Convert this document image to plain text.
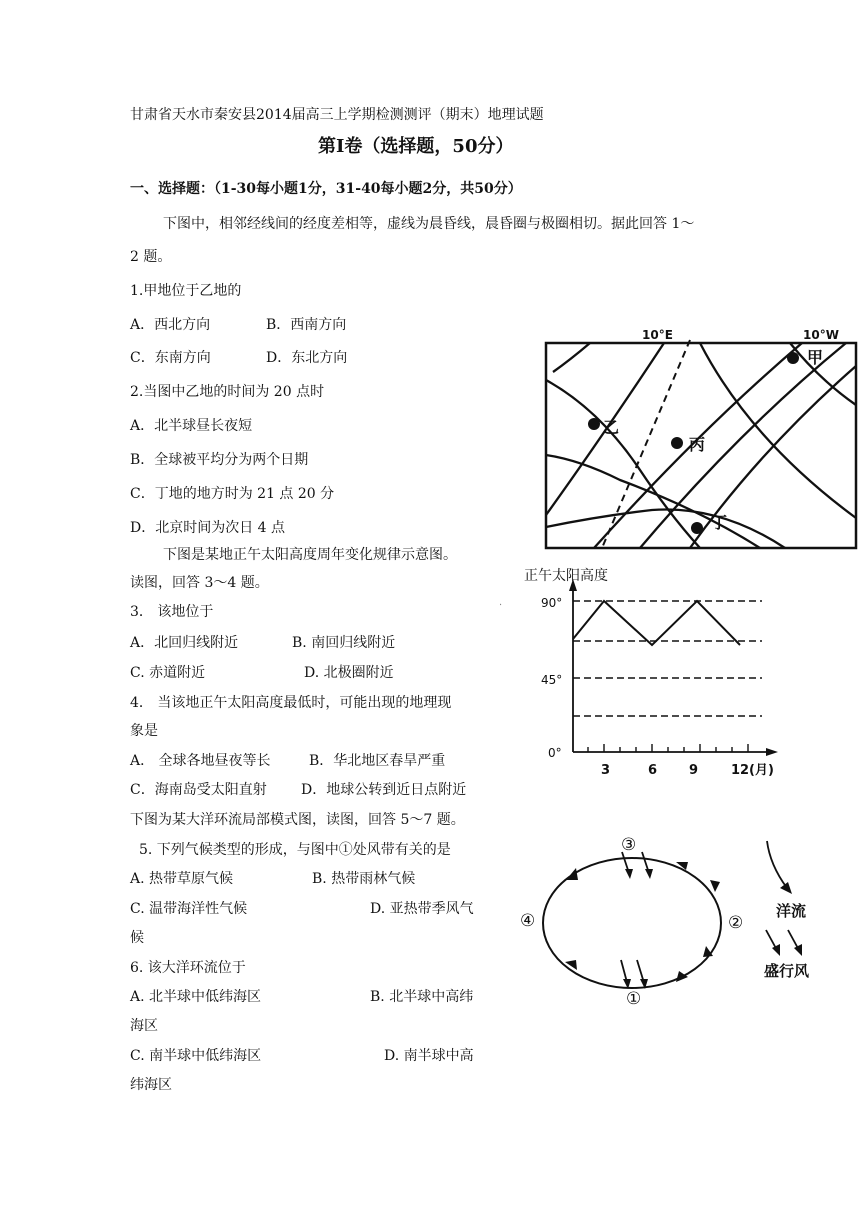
甘肃省天水市秦安县2014届高三上学期检测测评（期末）地理试题
第Ⅰ卷（选择题，50分）
一、选择题：（1-30每小题1分，31-40每小题2分，共50分）
下图中，相邻经线间的经度差相等，虚线为晨昏线，晨昏圈与极圈相切。据此回答 1～
2 题。
1.甲地位于乙地的
A．西北方向	B．西南方向
C．东南方向	D．东北方向
2.当图中乙地的时间为 20 点时
A．北半球昼长夜短
B．全球被平均分为两个日期
C．丁地的地方时为 21 点 20 分
D．北京时间为次日 4 点
下图是某地正午太阳高度周年变化规律示意图。
读图，回答 3～4 题。
3． 该地位于
A．北回归线附近	B. 南回归线附近
C. 赤道附近	D. 北极圈附近
4． 当该地正午太阳高度最低时，可能出现的地理现
象是
A． 全球各地昼夜等长	B．华北地区春旱严重
C．海南岛受太阳直射 D．地球公转到近日点附近
下图为某大洋环流局部模式图，读图，回答 5～7 题。
5. 下列气候类型的形成，与图中①处风带有关的是
A. 热带草原气候	B. 热带雨林气候
C. 温带海洋性气候	D. 亚热带季风气
候
6. 该大洋环流位于
A. 北半球中低纬海区	B. 北半球中高纬
海区
C. 南半球中低纬海区	D. 南半球中高
纬海区
10°E	10°W
甲
乙
丙
丁
正午太阳高度
90°
45°
0°
3	6 9	12 (月)
③
②
④
①
洋流
盛行风
